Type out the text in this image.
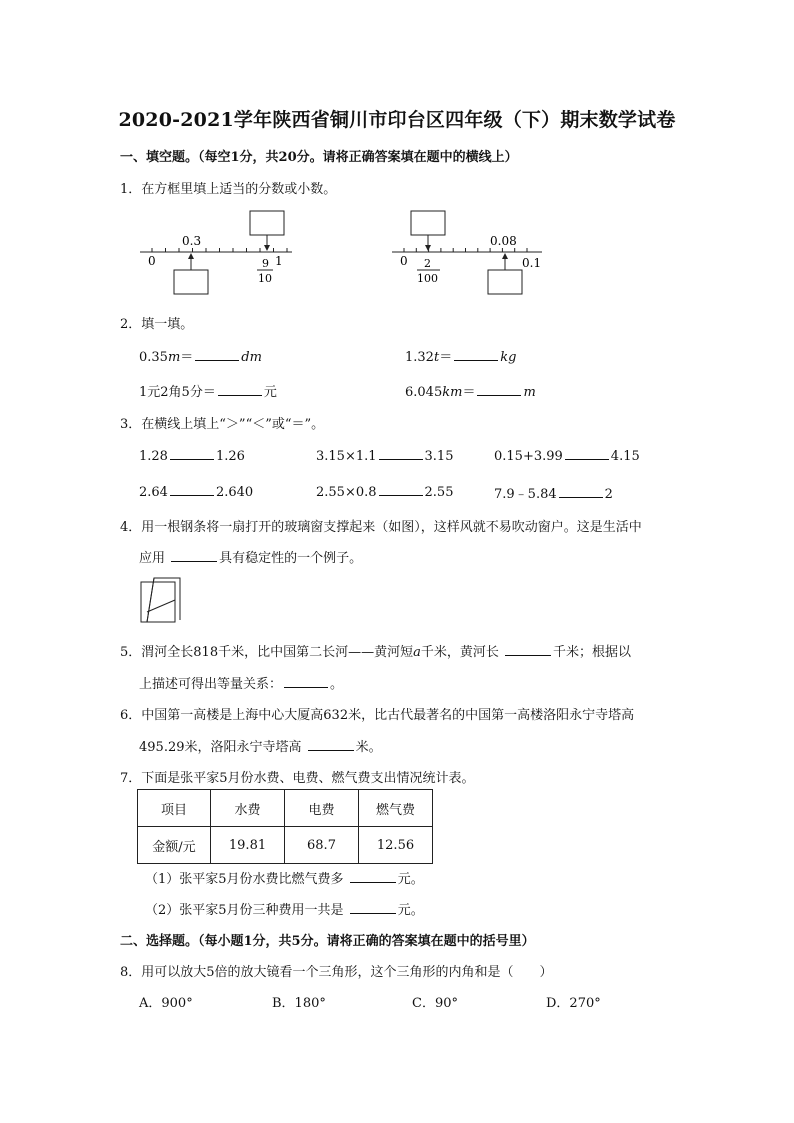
2020-2021学年陕西省铜川市印台区四年级（下）期末数学试卷
一、填空题。（每空1分，共20分。请将正确答案填在题中的横线上）
1．在方框里填上适当的分数或小数。
0
0.3
1
9
10
0
0.08
0.1
2
100
2．填一填。
0.35m＝	dm	1.32t＝	kg
1元2角5分＝	元	6.045km＝	m
3．在横线上填上“＞”“＜”或“＝”。
1.28	1.26	3.15×1.1	3.15	0.15+3.99	4.15
2.64	2.640	2.55×0.8	2.55	7.9﹣5.84	2
4．用一根钢条将一扇打开的玻璃窗支撑起来（如图），这样风就不易吹动窗户。这是生活中
应用	具有稳定性的一个例子。
5．渭河全长818千米，比中国第二长河——黄河短a千米，黄河长	千米；根据以
上描述可得出等量关系：	。
6．中国第一高楼是上海中心大厦高632米，比古代最著名的中国第一高楼洛阳永宁寺塔高
495.29米，洛阳永宁寺塔高	米。
7．下面是张平家5月份水费、电费、燃气费支出情况统计表。
项目	水费	电费	燃气费
金额/元	19.81	68.7	12.56
（1）张平家5月份水费比燃气费多	元。
（2）张平家5月份三种费用一共是	元。
二、选择题。（每小题1分，共5分。请将正确的答案填在题中的括号里）
8．用可以放大5倍的放大镜看一个三角形，这个三角形的内角和是（　　）
A．900°	B．180°	C．90°	D．270°
